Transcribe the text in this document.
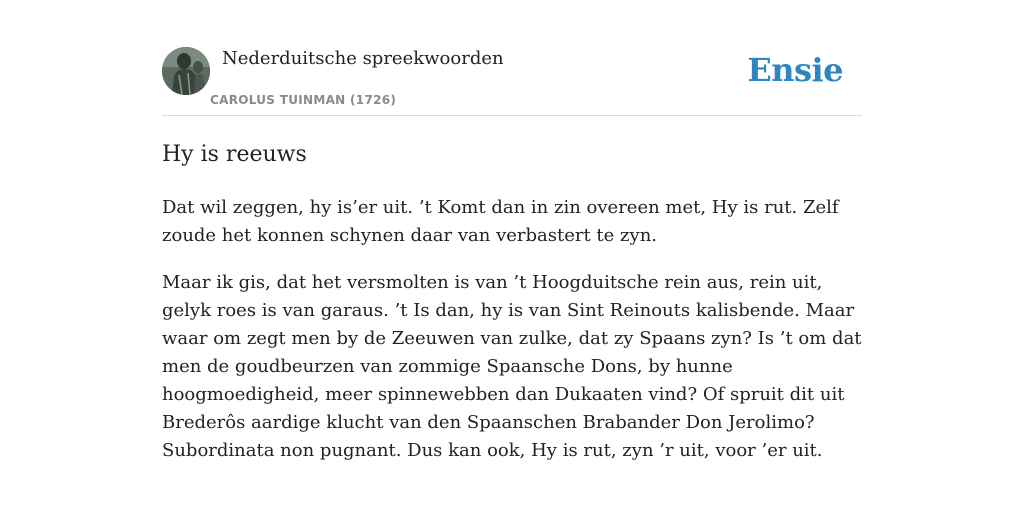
Nederduitsche spreekwoorden
CAROLUS TUINMAN (1726)
Ensie
Hy is reeuws

Dat wil zeggen, hy is’er uit. ’t Komt dan in zin overeen met, Hy is rut. Zelf zoude het konnen schynen daar van verbastert te zyn.

Maar ik gis, dat het versmolten is van ’t Hoogduitsche rein aus, rein uit, gelyk roes is van garaus. ’t Is dan, hy is van Sint Reinouts kalisbende. Maar waar om zegt men by de Zeeuwen van zulke, dat zy Spaans zyn? Is ’t om dat men de goudbeurzen van zommige Spaansche Dons, by hunne hoogmoedigheid, meer spinnewebben dan Dukaaten vind? Of spruit dit uit Brederôs aardige klucht van den Spaanschen Brabander Don Jerolimo? Subordinata non pugnant. Dus kan ook, Hy is rut, zyn ’r uit, voor ’er uit.
